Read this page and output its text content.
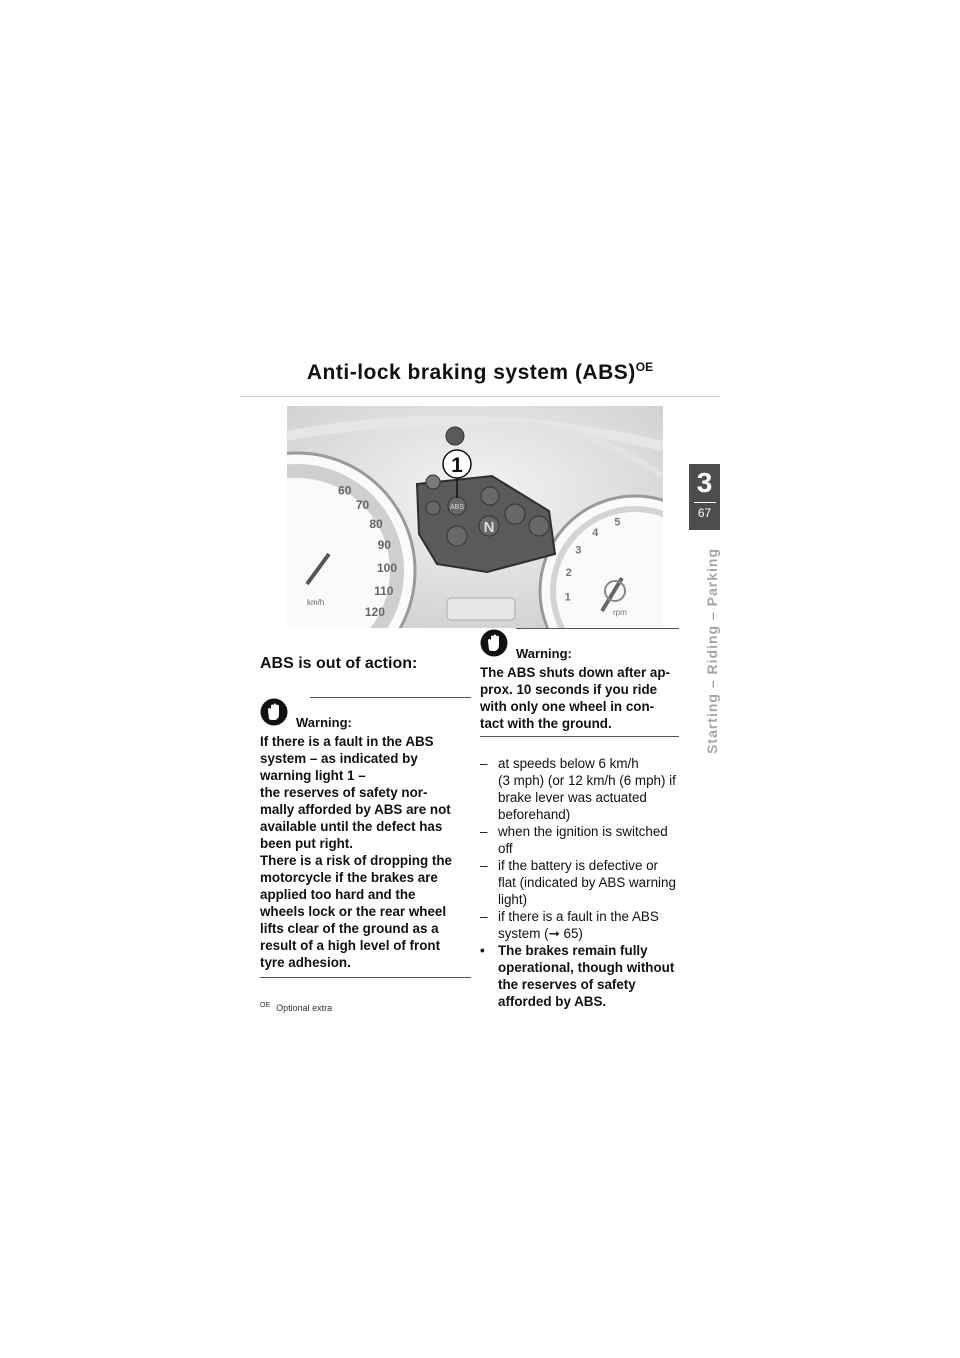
Anti-lock braking system (ABS)$^{OE}$
km/h
60
70
80
90
100
110
120	rpm
1
2
3
4
5
ABS
N
1
3
67
Starting – Riding – Parking

ABS is out of action:

Warning:

If there is a fault in the ABS
system – as indicated by
warning light 1 –
the reserves of safety nor-
mally afforded by ABS are not
available until the defect has
been put right.
There is a risk of dropping the
motorcycle if the brakes are
applied too hard and the
wheels lock or the rear wheel
lifts clear of the ground as a
result of a high level of front
tyre adhesion.

$^{OE}$ Optional extra
Warning:

The ABS shuts down after ap-
prox. 10 seconds if you ride
with only one wheel in con-
tact with the ground.

– at speeds below 6 km/h
(3 mph) (or 12 km/h (6 mph) if
brake lever was actuated
beforehand)
– when the ignition is switched
off
– if the battery is defective or
flat (indicated by ABS warning
light)
– if there is a fault in the ABS
system (➞ 65)
• The brakes remain fully
operational, though without
the reserves of safety
afforded by ABS.
